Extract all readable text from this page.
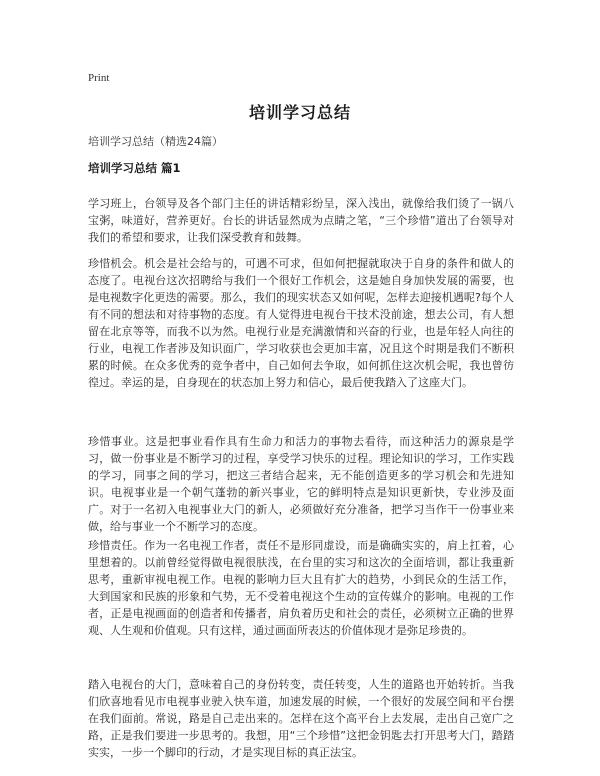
Print
培训学习总结
培训学习总结（精选24篇）
培训学习总结 篇1

学习班上，台领导及各个部门主任的讲话精彩纷呈，深入浅出，就像给我们烫了一锅八宝粥，味道好，营养更好。台长的讲话显然成为点睛之笔，“三个珍惜”道出了台领导对我们的希望和要求，让我们深受教育和鼓舞。

珍惜机会。机会是社会给与的，可遇不可求，但如何把握就取决于自身的条件和做人的态度了。电视台这次招聘给与我们一个很好工作机会，这是她自身加快发展的需要，也是电视数字化更迭的需要。那么，我们的现实状态又如何呢，怎样去迎接机遇呢?每个人有不同的想法和对待事物的态度。有人觉得进电视台干技术没前途，想去公司，有人想留在北京等等，而我不以为然。电视行业是充满激情和兴奋的行业，也是年轻人向往的行业，电视工作者涉及知识面广，学习收获也会更加丰富，况且这个时期是我们不断积累的时候。在众多优秀的竞争者中，自己如何去争取，如何抓住这次机会呢，我也曾彷徨过。幸运的是，自身现在的状态加上努力和信心，最后使我踏入了这座大门。

珍惜事业。这是把事业看作具有生命力和活力的事物去看待，而这种活力的源泉是学习，做一份事业是不断学习的过程，享受学习快乐的过程。理论知识的学习，工作实践的学习，同事之间的学习，把这三者结合起来，无不能创造更多的学习机会和先进知识。电视事业是一个朝气蓬勃的新兴事业，它的鲜明特点是知识更新快，专业涉及面广。对于一名初入电视事业大门的新人，必须做好充分准备，把学习当作干一份事业来做，给与事业一个不断学习的态度。

珍惜责任。作为一名电视工作者，责任不是形同虚设，而是确确实实的，肩上扛着，心里想着的。以前曾经觉得做电视很肤浅，在台里的实习和这次的全面培训，都让我重新思考，重新审视电视工作。电视的影响力巨大且有扩大的趋势，小到民众的生活工作，大到国家和民族的形象和气势，无不受着电视这个生动的宣传媒介的影响。电视的工作者，正是电视画面的创造者和传播者，肩负着历史和社会的责任，必须树立正确的世界观、人生观和价值观。只有这样，通过画面所表达的价值体现才是弥足珍贵的。

踏入电视台的大门，意味着自己的身份转变，责任转变，人生的道路也开始转折。当我们欣喜地看见市电视事业驶入快车道，加速发展的时候，一个很好的发展空间和平台摆在我们面前。常说，路是自己走出来的。怎样在这个高平台上去发展，走出自己宽广之路，正是我们要进一步思考的。我想，用“三个珍惜”这把金钥匙去打开思考大门，踏踏实实，一步一个脚印的行动，才是实现目标的真正法宝。
